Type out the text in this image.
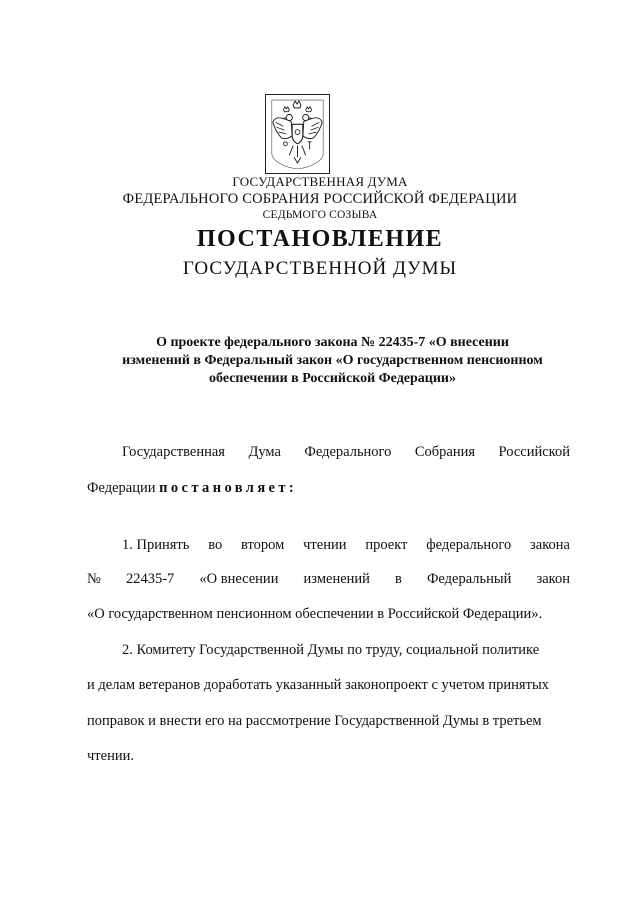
ГОСУДАРСТВЕННАЯ ДУМА
ФЕДЕРАЛЬНОГО СОБРАНИЯ РОССИЙСКОЙ ФЕДЕРАЦИИ
СЕДЬМОГО СОЗЫВА
ПОСТАНОВЛЕНИЕ
ГОСУДАРСТВЕННОЙ ДУМЫ
О проекте федерального закона № 22435-7 «О внесении
изменений в Федеральный закон «О государственном пенсионном
обеспечении в Российской Федерации»
Государственная Дума Федерального Собрания Российской
Федерации постановляет:
1. Принять во втором чтении проект федерального закона
№ 22435-7 «О внесении изменений в Федеральный закон
«О государственном пенсионном обеспечении в Российской Федерации».
2. Комитету Государственной Думы по труду, социальной политике
и делам ветеранов доработать указанный законопроект с учетом принятых
поправок и внести его на рассмотрение Государственной Думы в третьем
чтении.
